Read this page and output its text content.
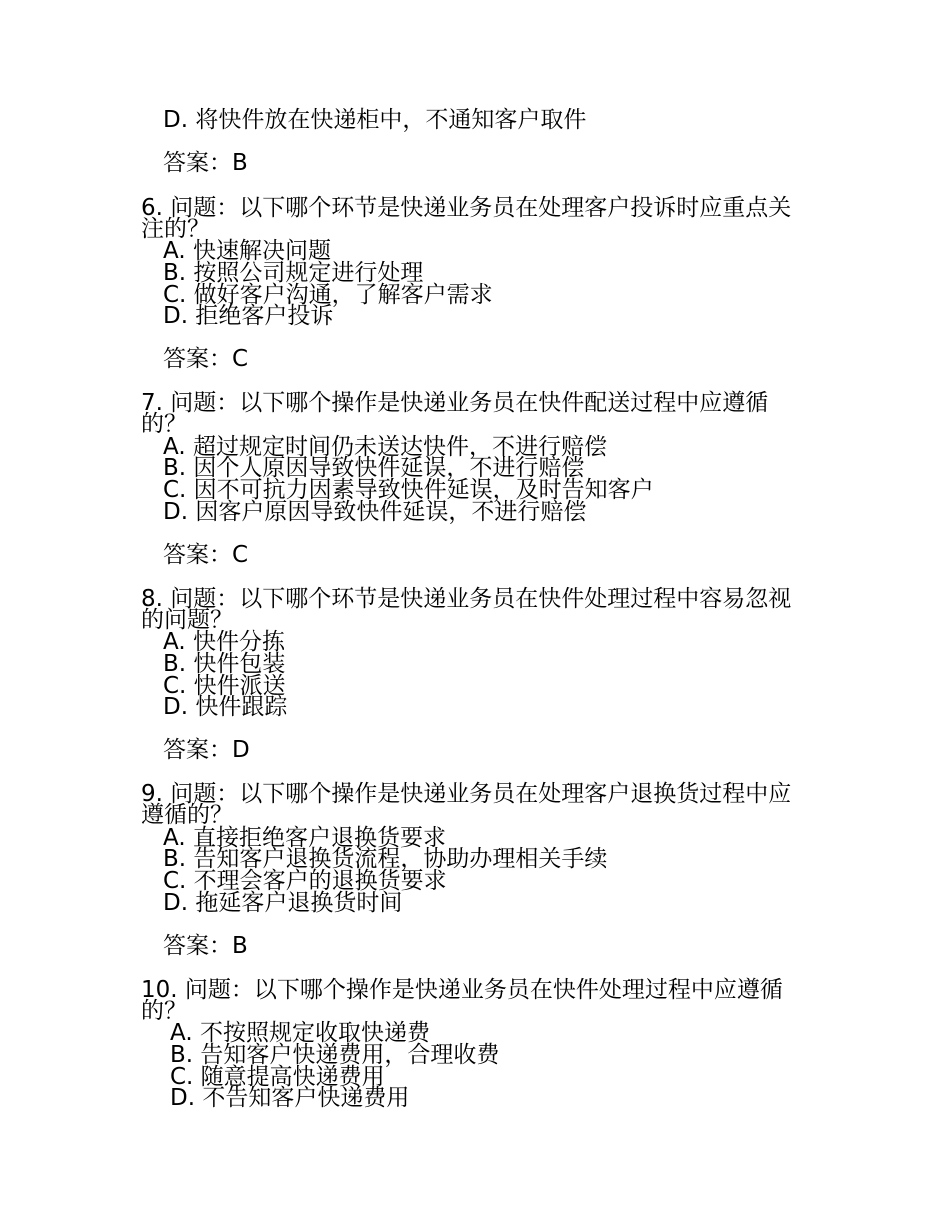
D. 将快件放在快递柜中，不通知客户取件
答案：B
6. 问题：以下哪个环节是快递业务员在处理客户投诉时应重点关注的？
A. 快速解决问题
B. 按照公司规定进行处理
C. 做好客户沟通，了解客户需求
D. 拒绝客户投诉
答案：C
7. 问题：以下哪个操作是快递业务员在快件配送过程中应遵循的？
A. 超过规定时间仍未送达快件，不进行赔偿
B. 因个人原因导致快件延误，不进行赔偿
C. 因不可抗力因素导致快件延误，及时告知客户
D. 因客户原因导致快件延误，不进行赔偿
答案：C
8. 问题：以下哪个环节是快递业务员在快件处理过程中容易忽视的问题？
A. 快件分拣
B. 快件包装
C. 快件派送
D. 快件跟踪
答案：D
9. 问题：以下哪个操作是快递业务员在处理客户退换货过程中应遵循的？
A. 直接拒绝客户退换货要求
B. 告知客户退换货流程，协助办理相关手续
C. 不理会客户的退换货要求
D. 拖延客户退换货时间
答案：B
10. 问题：以下哪个操作是快递业务员在快件处理过程中应遵循的？
A. 不按照规定收取快递费
B. 告知客户快递费用，合理收费
C. 随意提高快递费用
D. 不告知客户快递费用
